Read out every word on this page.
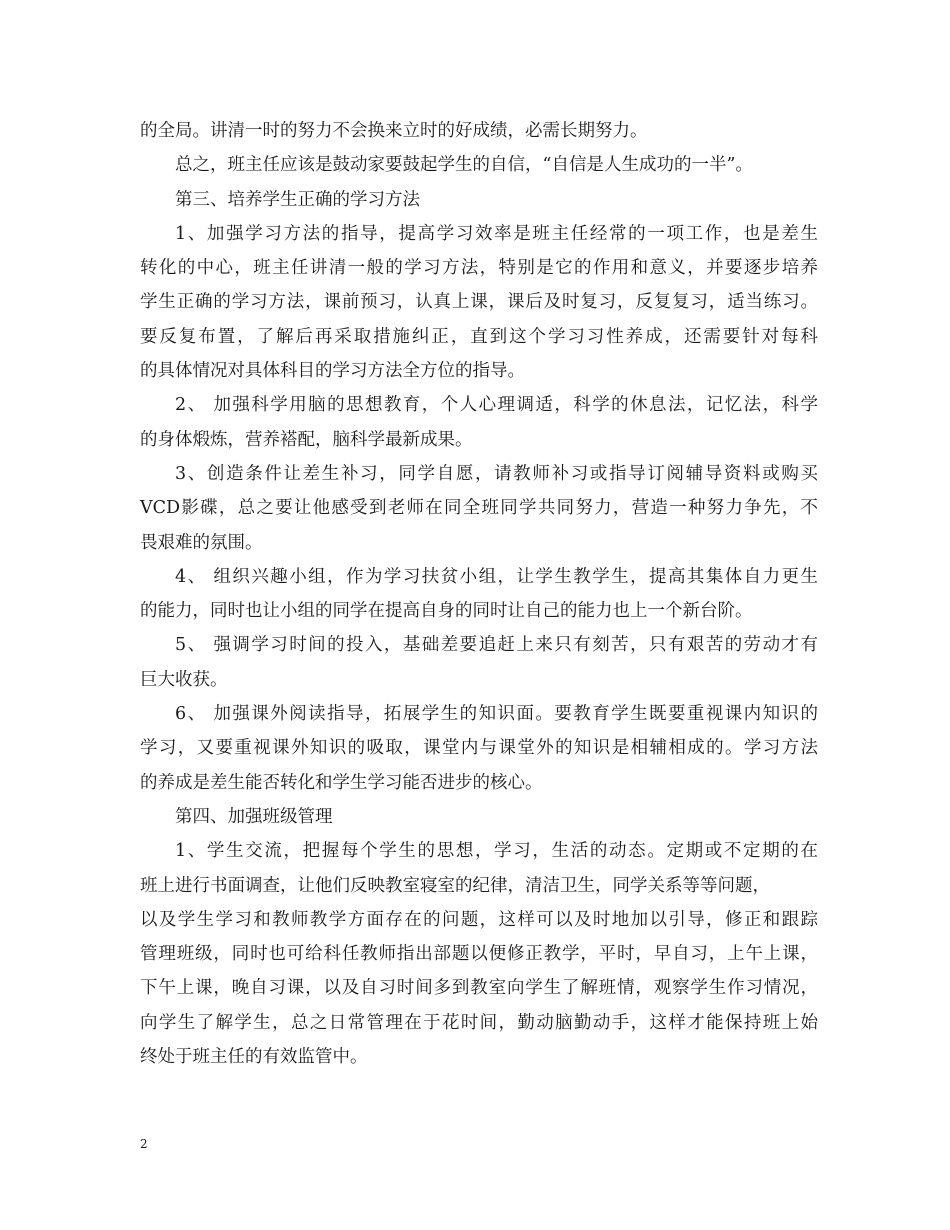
的全局。讲清一时的努力不会换来立时的好成绩，必需长期努力。
总之，班主任应该是鼓动家要鼓起学生的自信，“自信是人生成功的一半”。
第三、培养学生正确的学习方法
1、加强学习方法的指导，提高学习效率是班主任经常的一项工作，也是差生
转化的中心，班主任讲清一般的学习方法，特别是它的作用和意义，并要逐步培养
学生正确的学习方法，课前预习，认真上课，课后及时复习，反复复习，适当练习。
要反复布置，了解后再采取措施纠正，直到这个学习习性养成，还需要针对每科
的具体情况对具体科目的学习方法全方位的指导。
2、 加强科学用脑的思想教育，个人心理调适，科学的休息法，记忆法，科学
的身体煅炼，营养褡配，脑科学最新成果。
3、创造条件让差生补习，同学自愿，请教师补习或指导订阅辅导资料或购买
VCD影碟，总之要让他感受到老师在同全班同学共同努力，营造一种努力争先，不
畏艰难的氛围。
4、 组织兴趣小组，作为学习扶贫小组，让学生教学生，提高其集体自力更生
的能力，同时也让小组的同学在提高自身的同时让自己的能力也上一个新台阶。
5、 强调学习时间的投入，基础差要追赶上来只有刻苦，只有艰苦的劳动才有
巨大收获。
6、 加强课外阅读指导，拓展学生的知识面。要教育学生既要重视课内知识的
学习，又要重视课外知识的吸取，课堂内与课堂外的知识是相辅相成的。学习方法
的养成是差生能否转化和学生学习能否进步的核心。
第四、加强班级管理
1、学生交流，把握每个学生的思想，学习，生活的动态。定期或不定期的在
班上进行书面调查，让他们反映教室寝室的纪律，清洁卫生，同学关系等等问题，
以及学生学习和教师教学方面存在的问题，这样可以及时地加以引导，修正和跟踪
管理班级，同时也可给科任教师指出部题以便修正教学，平时，早自习，上午上课，
下午上课，晚自习课，以及自习时间多到教室向学生了解班情，观察学生作习情况，
向学生了解学生，总之日常管理在于花时间，勤动脑勤动手，这样才能保持班上始
终处于班主任的有效监管中。
2
